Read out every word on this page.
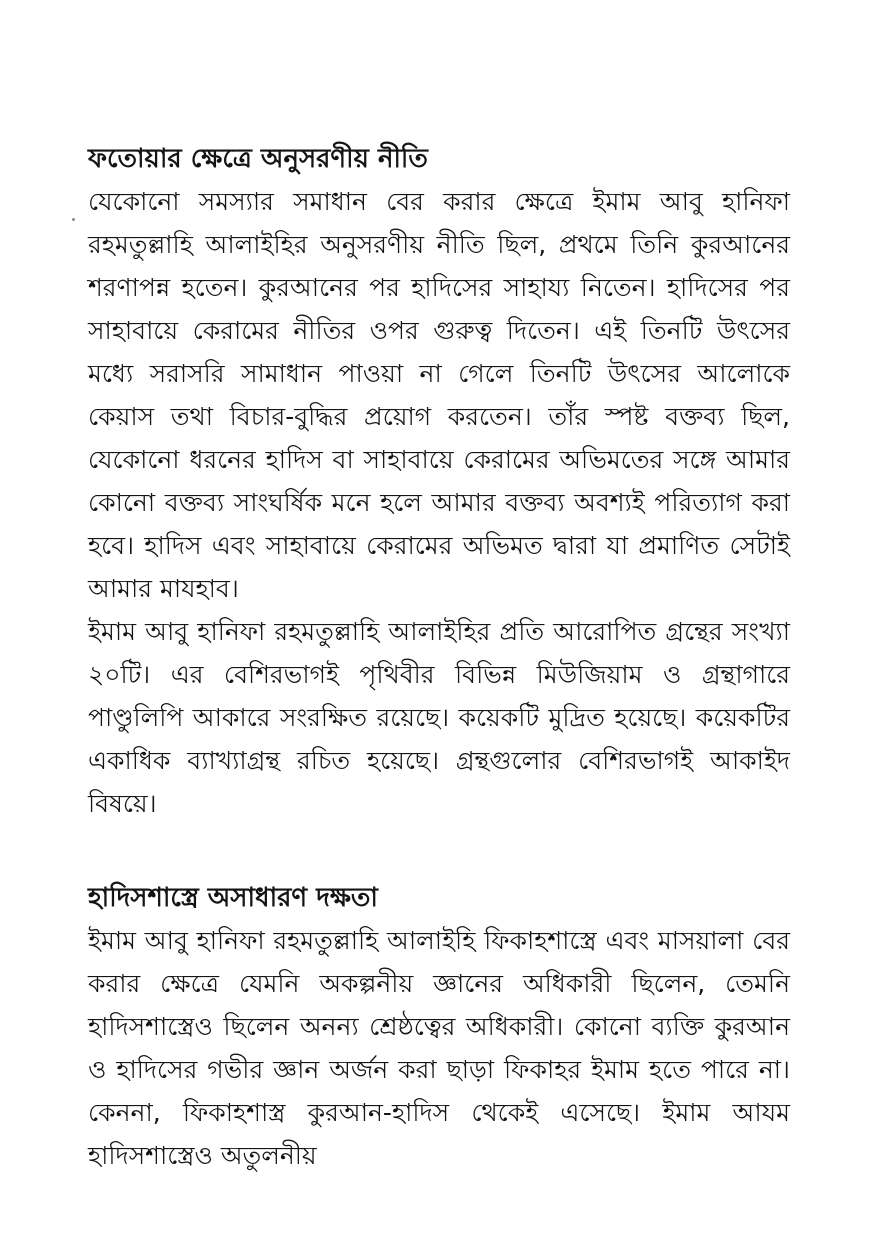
ফতোয়ার ক্ষেত্রে অনুসরণীয় নীতি

যেকোনো সমস্যার সমাধান বের করার ক্ষেত্রে ইমাম আবু হানিফা রহমতুল্লাহি আলাইহির অনুসরণীয় নীতি ছিল, প্রথমে তিনি কুরআনের শরণাপন্ন হতেন। কুরআনের পর হাদিসের সাহায্য নিতেন। হাদিসের পর সাহাবায়ে কেরামের নীতির ওপর গুরুত্ব দিতেন। এই তিনটি উৎসের মধ্যে সরাসরি সামাধান পাওয়া না গেলে তিনটি উৎসের আলোকে কেয়াস তথা বিচার-বুদ্ধির প্রয়োগ করতেন। তাঁর স্পষ্ট বক্তব্য ছিল, যেকোনো ধরনের হাদিস বা সাহাবায়ে কেরামের অভিমতের সঙ্গে আমার কোনো বক্তব্য সাংঘর্ষিক মনে হলে আমার বক্তব্য অবশ্যই পরিত্যাগ করা হবে। হাদিস এবং সাহাবায়ে কেরামের অভিমত দ্বারা যা প্রমাণিত সেটাই আমার মাযহাব।

ইমাম আবু হানিফা রহমতুল্লাহি আলাইহির প্রতি আরোপিত গ্রন্থের সংখ্যা ২০টি। এর বেশিরভাগই পৃথিবীর বিভিন্ন মিউজিয়াম ও গ্রন্থাগারে পাণ্ডুলিপি আকারে সংরক্ষিত রয়েছে। কয়েকটি মুদ্রিত হয়েছে। কয়েকটির একাধিক ব্যাখ্যাগ্রন্থ রচিত হয়েছে। গ্রন্থগুলোর বেশিরভাগই আকাইদ বিষয়ে।

হাদিসশাস্ত্রে অসাধারণ দক্ষতা

ইমাম আবু হানিফা রহমতুল্লাহি আলাইহি ফিকাহশাস্ত্রে এবং মাসয়ালা বের করার ক্ষেত্রে যেমনি অকল্পনীয় জ্ঞানের অধিকারী ছিলেন, তেমনি হাদিসশাস্ত্রেও ছিলেন অনন্য শ্রেষ্ঠত্বের অধিকারী। কোনো ব্যক্তি কুরআন ও হাদিসের গভীর জ্ঞান অর্জন করা ছাড়া ফিকাহর ইমাম হতে পারে না। কেননা, ফিকাহশাস্ত্র কুরআন-হাদিস থেকেই এসেছে। ইমাম আযম হাদিসশাস্ত্রেও অতুলনীয়
